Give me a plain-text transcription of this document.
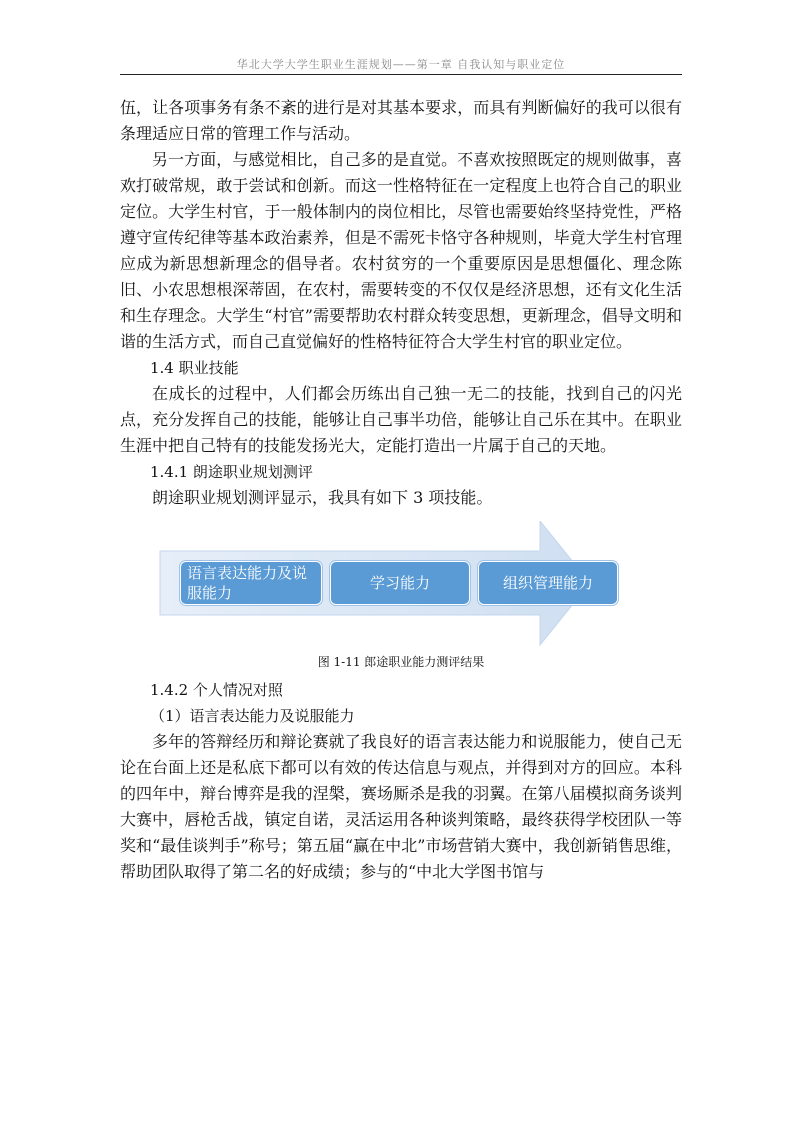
华北大学大学生职业生涯规划——第一章 自我认知与职业定位

伍，让各项事务有条不紊的进行是对其基本要求，而具有判断偏好的我可以很有条理适应日常的管理工作与活动。

另一方面，与感觉相比，自己多的是直觉。不喜欢按照既定的规则做事，喜欢打破常规，敢于尝试和创新。而这一性格特征在一定程度上也符合自己的职业定位。大学生村官，于一般体制内的岗位相比，尽管也需要始终坚持党性，严格遵守宣传纪律等基本政治素养，但是不需死卡恪守各种规则，毕竟大学生村官理应成为新思想新理念的倡导者。农村贫穷的一个重要原因是思想僵化、理念陈旧、小农思想根深蒂固，在农村，需要转变的不仅仅是经济思想，还有文化生活和生存理念。大学生“村官”需要帮助农村群众转变思想，更新理念，倡导文明和谐的生活方式，而自己直觉偏好的性格特征符合大学生村官的职业定位。

1.4 职业技能

在成长的过程中，人们都会历练出自己独一无二的技能，找到自己的闪光点，充分发挥自己的技能，能够让自己事半功倍，能够让自己乐在其中。在职业生涯中把自己特有的技能发扬光大，定能打造出一片属于自己的天地。

1.4.1 朗途职业规划测评

朗途职业规划测评显示，我具有如下 3 项技能。

语言表达能力及说服能力
学习能力	组织管理能力
图 1-11 郎途职业能力测评结果
1.4.2 个人情况对照
（1）语言表达能力及说服能力

多年的答辩经历和辩论赛就了我良好的语言表达能力和说服能力，使自己无论在台面上还是私底下都可以有效的传达信息与观点，并得到对方的回应。本科的四年中，辩台博弈是我的涅槃，赛场厮杀是我的羽翼。在第八届模拟商务谈判大赛中，唇枪舌战，镇定自诺，灵活运用各种谈判策略，最终获得学校团队一等奖和“最佳谈判手”称号；第五届“赢在中北”市场营销大赛中，我创新销售思维，帮助团队取得了第二名的好成绩；参与的“中北大学图书馆与
